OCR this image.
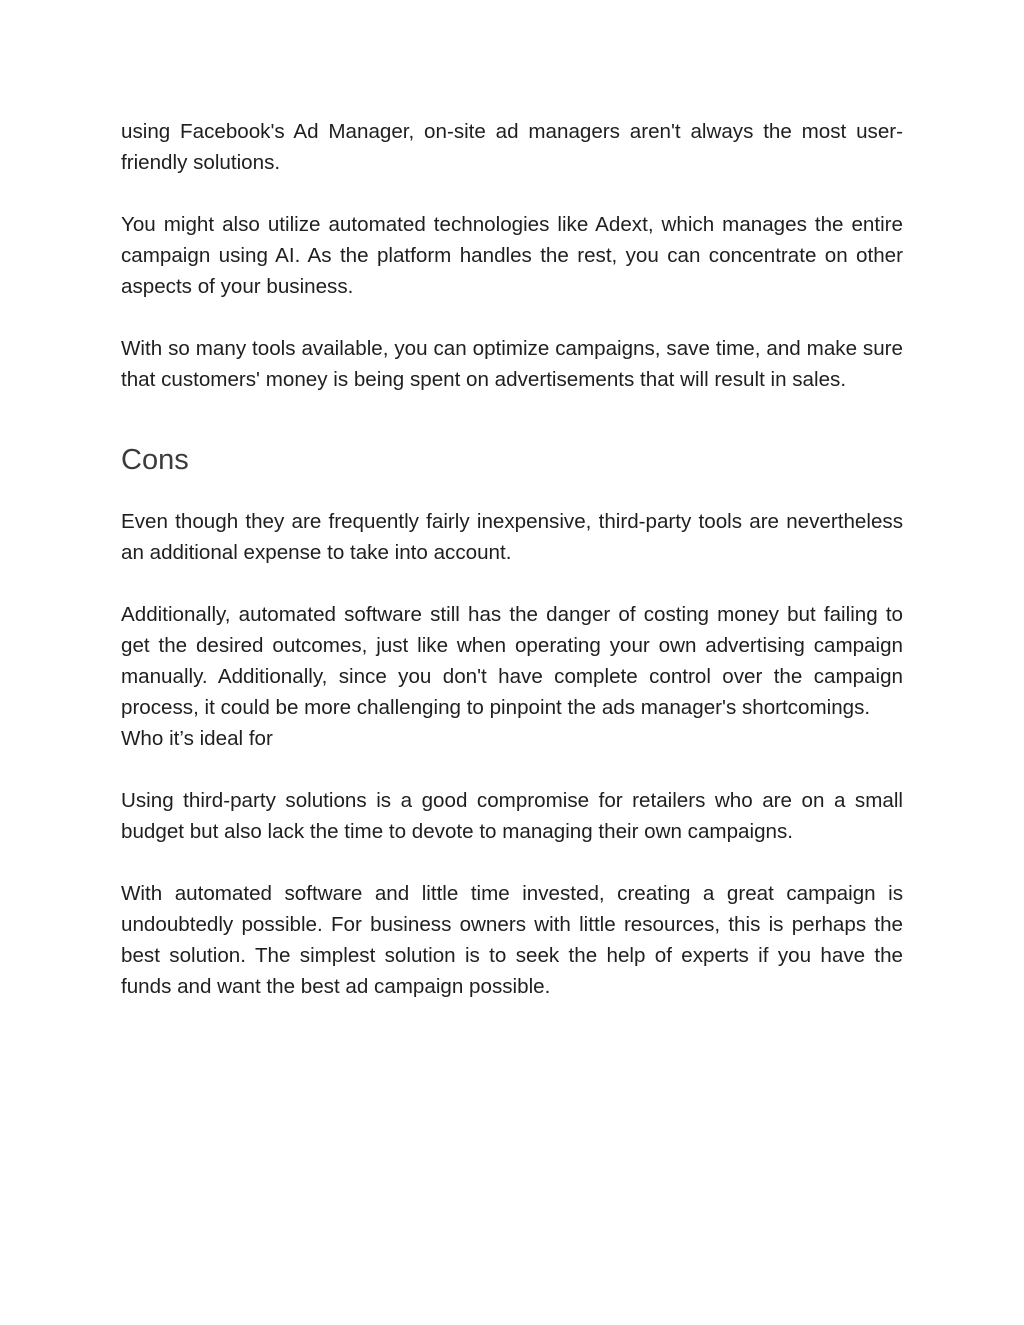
using Facebook's Ad Manager, on-site ad managers aren't always the most user-friendly solutions.

You might also utilize automated technologies like Adext, which manages the entire campaign using AI. As the platform handles the rest, you can concentrate on other aspects of your business.

With so many tools available, you can optimize campaigns, save time, and make sure that customers' money is being spent on advertisements that will result in sales.

Cons

Even though they are frequently fairly inexpensive, third-party tools are nevertheless an additional expense to take into account.

Additionally, automated software still has the danger of costing money but failing to get the desired outcomes, just like when operating your own advertising campaign manually. Additionally, since you don't have complete control over the campaign process, it could be more challenging to pinpoint the ads manager's shortcomings.

Who it’s ideal for

Using third-party solutions is a good compromise for retailers who are on a small budget but also lack the time to devote to managing their own campaigns.

With automated software and little time invested, creating a great campaign is undoubtedly possible. For business owners with little resources, this is perhaps the best solution. The simplest solution is to seek the help of experts if you have the funds and want the best ad campaign possible.
